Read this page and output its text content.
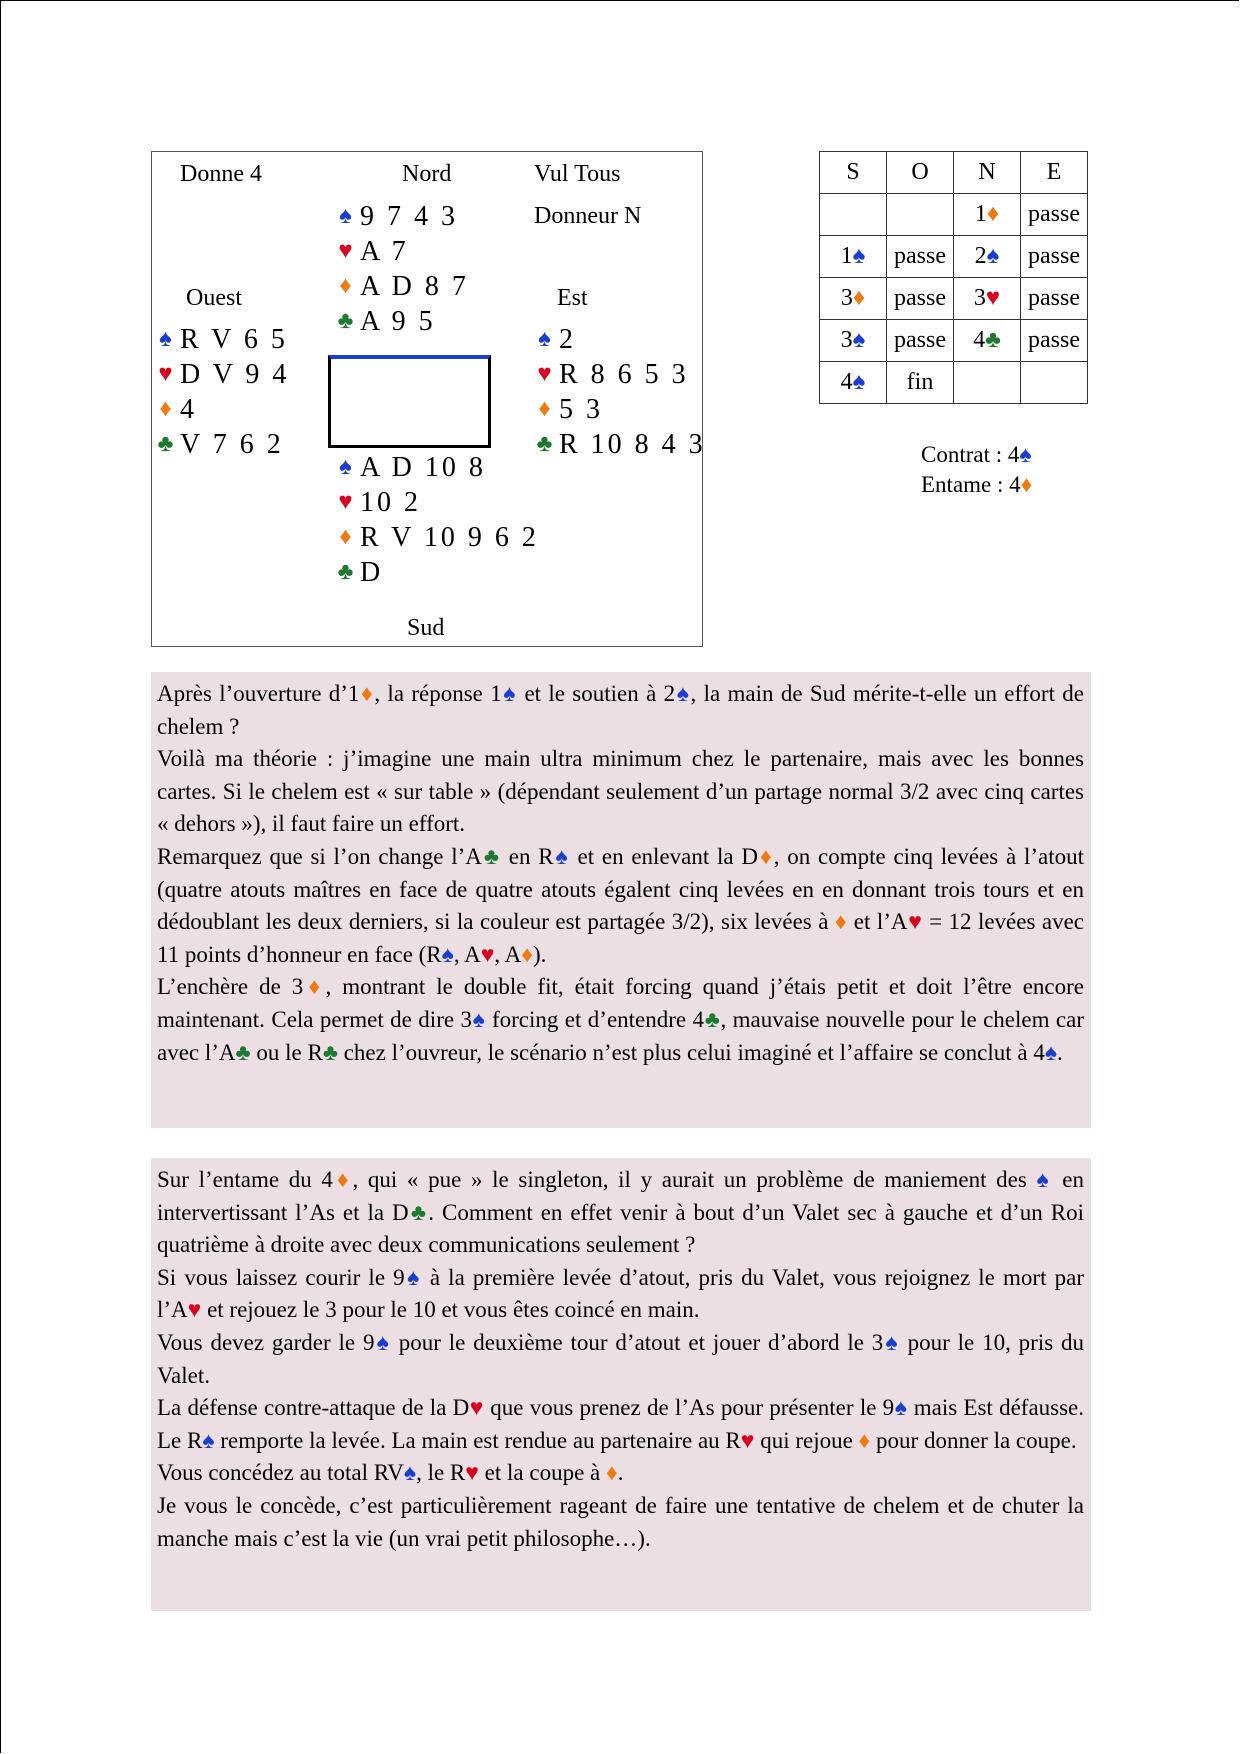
Donne 4	Nord	Vul Tous
Donneur N
Ouest	Est
Sud
♠ 9 7 4 3
♥ A 7
♦ A D 8 7
♣ A 9 5
♠ R V 6 5
♥ D V 9 4
♦ 4
♣ V 7 6 2
♠ 2
♥ R 8 6 5 3
♦ 5 3
♣ R 10 8 4 3
♠ A D 10 8
♥ 10 2
♦ R V 10 9 6 2
♣ D
S	O	N	E
		1♦	passe
1♠	passe	2♠	passe
3♦	passe	3♥	passe
3♠	passe	4♣	passe
4♠	fin		
Contrat : 4♠
Entame : 4♦

Après l’ouverture d’1♦, la réponse 1♠ et le soutien à 2♠, la main de Sud mérite-t-elle un effort de chelem ?

Voilà ma théorie : j’imagine une main ultra minimum chez le partenaire, mais avec les bonnes cartes. Si le chelem est « sur table » (dépendant seulement d’un partage normal 3/2 avec cinq cartes « dehors »), il faut faire un effort.

Remarquez que si l’on change l’A♣ en R♠ et en enlevant la D♦, on compte cinq levées à l’atout (quatre atouts maîtres en face de quatre atouts égalent cinq levées en en donnant trois tours et en dédoublant les deux derniers, si la couleur est partagée 3/2), six levées à ♦ et l’A♥ = 12 levées avec 11 points d’honneur en face (R♠, A♥, A♦).

L’enchère de 3♦, montrant le double fit, était forcing quand j’étais petit et doit l’être encore maintenant. Cela permet de dire 3♠ forcing et d’entendre 4♣, mauvaise nouvelle pour le chelem car avec l’A♣ ou le R♣ chez l’ouvreur, le scénario n’est plus celui imaginé et l’affaire se conclut à 4♠.

Sur l’entame du 4♦, qui « pue » le singleton, il y aurait un problème de maniement des ♠ en intervertissant l’As et la D♣. Comment en effet venir à bout d’un Valet sec à gauche et d’un Roi quatrième à droite avec deux communications seulement ?

Si vous laissez courir le 9♠ à la première levée d’atout, pris du Valet, vous rejoignez le mort par l’A♥ et rejouez le 3 pour le 10 et vous êtes coincé en main.

Vous devez garder le 9♠ pour le deuxième tour d’atout et jouer d’abord le 3♠ pour le 10, pris du Valet.

La défense contre-attaque de la D♥ que vous prenez de l’As pour présenter le 9♠ mais Est défausse. Le R♠ remporte la levée. La main est rendue au partenaire au R♥ qui rejoue ♦ pour donner la coupe.

Vous concédez au total RV♠, le R♥ et la coupe à ♦.

Je vous le concède, c’est particulièrement rageant de faire une tentative de chelem et de chuter la manche mais c’est la vie (un vrai petit philosophe…).
